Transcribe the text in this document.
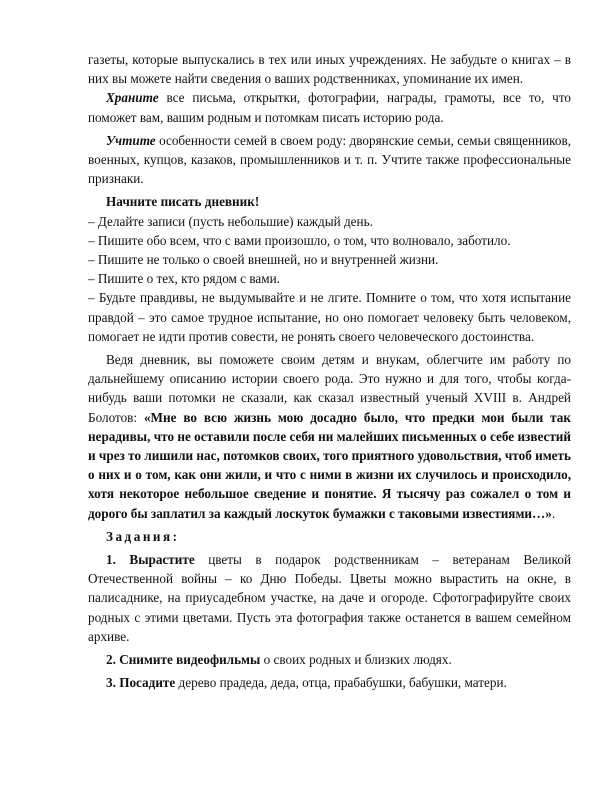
газеты, которые выпускались в тех или иных учреждениях. Не забудьте о книгах – в них вы можете найти сведения о ваших родственниках, упоминание их имен.

Храните все письма, открытки, фотографии, награды, грамоты, все то, что поможет вам, вашим родным и потомкам писать историю рода.

Учтите особенности семей в своем роду: дворянские семьи, семьи священников, военных, купцов, казаков, промышленников и т. п. Учтите также профессиональные признаки.

Начните писать дневник!

– Делайте записи (пусть небольшие) каждый день.

– Пишите обо всем, что с вами произошло, о том, что волновало, заботило.

– Пишите не только о своей внешней, но и внутренней жизни.

– Пишите о тех, кто рядом с вами.

– Будьте правдивы, не выдумывайте и не лгите. Помните о том, что хотя испытание правдой – это самое трудное испытание, но оно помогает человеку быть человеком, помогает не идти против совести, не ронять своего человеческого достоинства.

Ведя дневник, вы поможете своим детям и внукам, облегчите им работу по дальнейшему описанию истории своего рода. Это нужно и для того, чтобы когда-нибудь ваши потомки не сказали, как сказал известный ученый XVIII в. Андрей Болотов: «Мне во всю жизнь мою досадно было, что предки мои были так нерадивы, что не оставили после себя ни малейших письменных о себе известий и чрез то лишили нас, потомков своих, того приятного удовольствия, чтоб иметь о них и о том, как они жили, и что с ними в жизни их случилось и происходило, хотя некоторое небольшое сведение и понятие. Я тысячу раз сожалел о том и дорого бы заплатил за каждый лоскуток бумажки с таковыми известиями…».

Задания:

1. Вырастите цветы в подарок родственникам – ветеранам Великой Отечественной войны – ко Дню Победы. Цветы можно вырастить на окне, в палисаднике, на приусадебном участке, на даче и огороде. Сфотографируйте своих родных с этими цветами. Пусть эта фотография также останется в вашем семейном архиве.

2. Снимите видеофильмы о своих родных и близких людях.

3. Посадите дерево прадеда, деда, отца, прабабушки, бабушки, матери.
